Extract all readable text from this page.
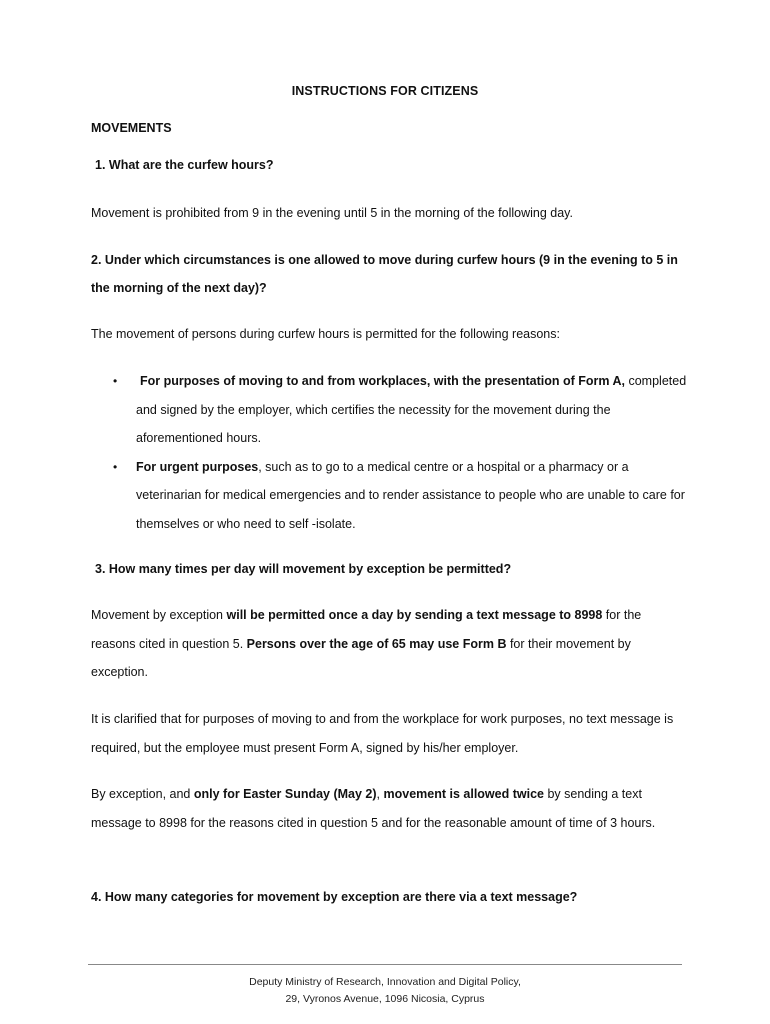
INSTRUCTIONS FOR CITIZENS
MOVEMENTS
1. What are the curfew hours?
Movement is prohibited from 9 in the evening until 5 in the morning of the following day.
2. Under which circumstances is one allowed to move during curfew hours (9 in the evening to 5 in the morning of the next day)?
The movement of persons during curfew hours is permitted for the following reasons:
• For purposes of moving to and from workplaces, with the presentation of Form A, completed and signed by the employer, which certifies the necessity for the movement during the aforementioned hours.
• For urgent purposes, such as to go to a medical centre or a hospital or a pharmacy or a veterinarian for medical emergencies and to render assistance to people who are unable to care for themselves or who need to self -isolate.
3. How many times per day will movement by exception be permitted?
Movement by exception will be permitted once a day by sending a text message to 8998 for the reasons cited in question 5. Persons over the age of 65 may use Form B for their movement by exception.
It is clarified that for purposes of moving to and from the workplace for work purposes, no text message is required, but the employee must present Form A, signed by his/her employer.
By exception, and only for Easter Sunday (May 2), movement is allowed twice by sending a text message to 8998 for the reasons cited in question 5 and for the reasonable amount of time of 3 hours.
4. How many categories for movement by exception are there via a text message?
Deputy Ministry of Research, Innovation and Digital Policy,
29, Vyronos Avenue, 1096 Nicosia, Cyprus
